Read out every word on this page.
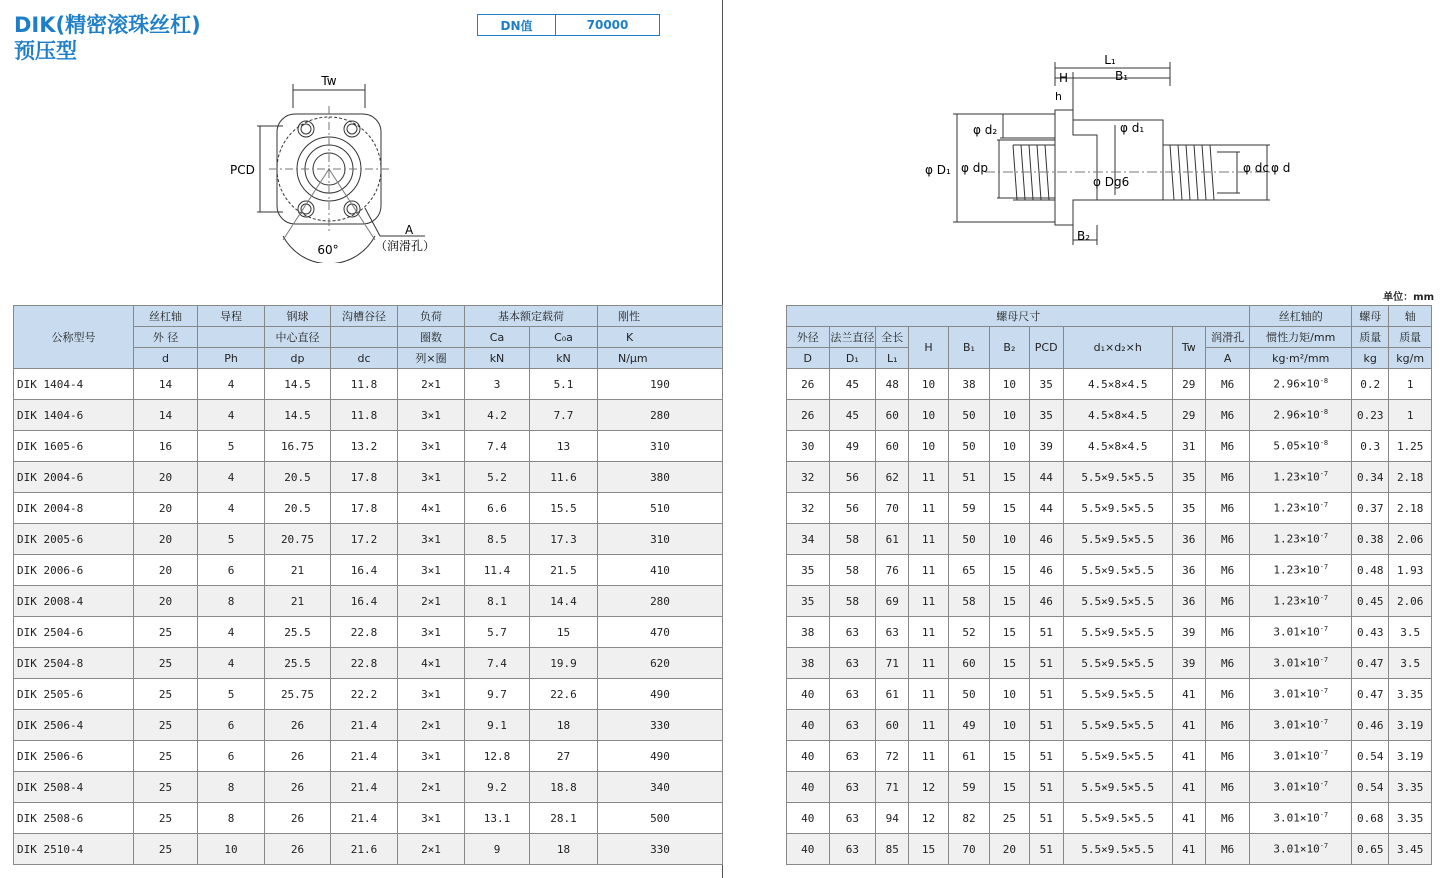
DIK(精密滚珠丝杠)
预压型
DN值	70000
Tw
PCD
60°
A
（润滑孔）
L₁
H	B₁
h
φ d₂	φ d₁
φ D₁ φ dp
φ Dg6
φ dc φ d
B₂
单位：mm
公称型号	丝杠轴	导程	钢球	沟槽谷径	负荷	基本额定载荷		刚性
	外 径		中心直径		圈数	Ca	C₀a	K
	d	Ph	dp	dc	列×圈	kN	kN	N/μm
DIK 1404-4	14	4	14.5	11.8	2×1	3	5.1	190
DIK 1404-6	14	4	14.5	11.8	3×1	4.2	7.7	280
DIK 1605-6	16	5	16.75	13.2	3×1	7.4	13	310
DIK 2004-6	20	4	20.5	17.8	3×1	5.2	11.6	380
DIK 2004-8	20	4	20.5	17.8	4×1	6.6	15.5	510
DIK 2005-6	20	5	20.75	17.2	3×1	8.5	17.3	310
DIK 2006-6	20	6	21	16.4	3×1	11.4	21.5	410
DIK 2008-4	20	8	21	16.4	2×1	8.1	14.4	280
DIK 2504-6	25	4	25.5	22.8	3×1	5.7	15	470
DIK 2504-8	25	4	25.5	22.8	4×1	7.4	19.9	620
DIK 2505-6	25	5	25.75	22.2	3×1	9.7	22.6	490
DIK 2506-4	25	6	26	21.4	2×1	9.1	18	330
DIK 2506-6	25	6	26	21.4	3×1	12.8	27	490
DIK 2508-4	25	8	26	21.4	2×1	9.2	18.8	340
DIK 2508-6	25	8	26	21.4	3×1	13.1	28.1	500
DIK 2510-4	25	10	26	21.6	2×1	9	18	330
螺母尺寸										丝杠轴的	螺母	轴
外径	法兰直径	全长	H	B₁	B₂	PCD	d₁×d₂×h	Tw	润滑孔	惯性力矩/mm	质量	质量
D	D₁	L₁							A	kg·m²/mm	kg	kg/m
26	45	48	10	38	10	35	4.5×8×4.5	29	M6	$2.96\times 10^{-8}$	0.2	1
26	45	60	10	50	10	35	4.5×8×4.5	29	M6	$2.96\times 10^{-8}$	0.23	1
30	49	60	10	50	10	39	4.5×8×4.5	31	M6	$5.05\times 10^{-8}$	0.3	1.25
32	56	62	11	51	15	44	5.5×9.5×5.5	35	M6	$1.23\times 10^{-7}$	0.34	2.18
32	56	70	11	59	15	44	5.5×9.5×5.5	35	M6	$1.23\times 10^{-7}$	0.37	2.18
34	58	61	11	50	10	46	5.5×9.5×5.5	36	M6	$1.23\times 10^{-7}$	0.38	2.06
35	58	76	11	65	15	46	5.5×9.5×5.5	36	M6	$1.23\times 10^{-7}$	0.48	1.93
35	58	69	11	58	15	46	5.5×9.5×5.5	36	M6	$1.23\times 10^{-7}$	0.45	2.06
38	63	63	11	52	15	51	5.5×9.5×5.5	39	M6	$3.01\times 10^{-7}$	0.43	3.5
38	63	71	11	60	15	51	5.5×9.5×5.5	39	M6	$3.01\times 10^{-7}$	0.47	3.5
40	63	61	11	50	10	51	5.5×9.5×5.5	41	M6	$3.01\times 10^{-7}$	0.47	3.35
40	63	60	11	49	10	51	5.5×9.5×5.5	41	M6	$3.01\times 10^{-7}$	0.46	3.19
40	63	72	11	61	15	51	5.5×9.5×5.5	41	M6	$3.01\times 10^{-7}$	0.54	3.19
40	63	71	12	59	15	51	5.5×9.5×5.5	41	M6	$3.01\times 10^{-7}$	0.54	3.35
40	63	94	12	82	25	51	5.5×9.5×5.5	41	M6	$3.01\times 10^{-7}$	0.68	3.35
40	63	85	15	70	20	51	5.5×9.5×5.5	41	M6	$3.01\times 10^{-7}$	0.65	3.45
